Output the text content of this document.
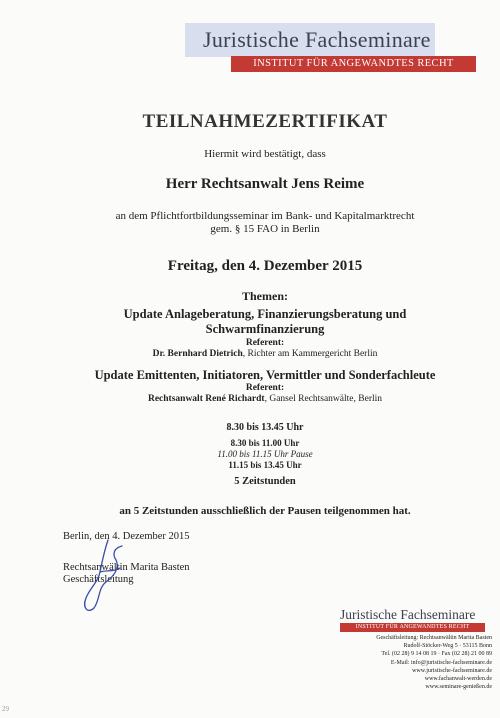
Juristische Fachseminare
INSTITUT FÜR ANGEWANDTES RECHT
TEILNAHMEZERTIFIKAT
Hiermit wird bestätigt, dass
Herr Rechtsanwalt Jens Reime
an dem Pflichtfortbildungsseminar im Bank- und Kapitalmarktrecht
gem. § 15 FAO in Berlin
Freitag, den 4. Dezember 2015
Themen:
Update Anlageberatung, Finanzierungsberatung und
Schwarmfinanzierung
Referent:
Dr. Bernhard Dietrich, Richter am Kammergericht Berlin
Update Emittenten, Initiatoren, Vermittler und Sonderfachleute
Referent:
Rechtsanwalt René Richardt, Gansel Rechtsanwälte, Berlin
8.30 bis 13.45 Uhr
8.30 bis 11.00 Uhr
11.00 bis 11.15 Uhr Pause
11.15 bis 13.45 Uhr
5 Zeitstunden
an 5 Zeitstunden ausschließlich der Pausen teilgenommen hat.
Berlin, den 4. Dezember 2015
Rechtsanwältin Marita Basten
Geschäftsleitung
Juristische Fachseminare
INSTITUT FÜR ANGEWANDTES RECHT
Geschäftsleitung: Rechtsanwältin Marita Basten
Rudolf-Stöcker-Weg 5 · 53115 Bonn
Tel. (02 28) 9 14 08 19 · Fax (02 28) 21 00 89
E-Mail: info@juristische-fachseminare.de
www.juristische-fachseminare.de
www.fachanwalt-werden.de
www.seminare-genießen.de
29
